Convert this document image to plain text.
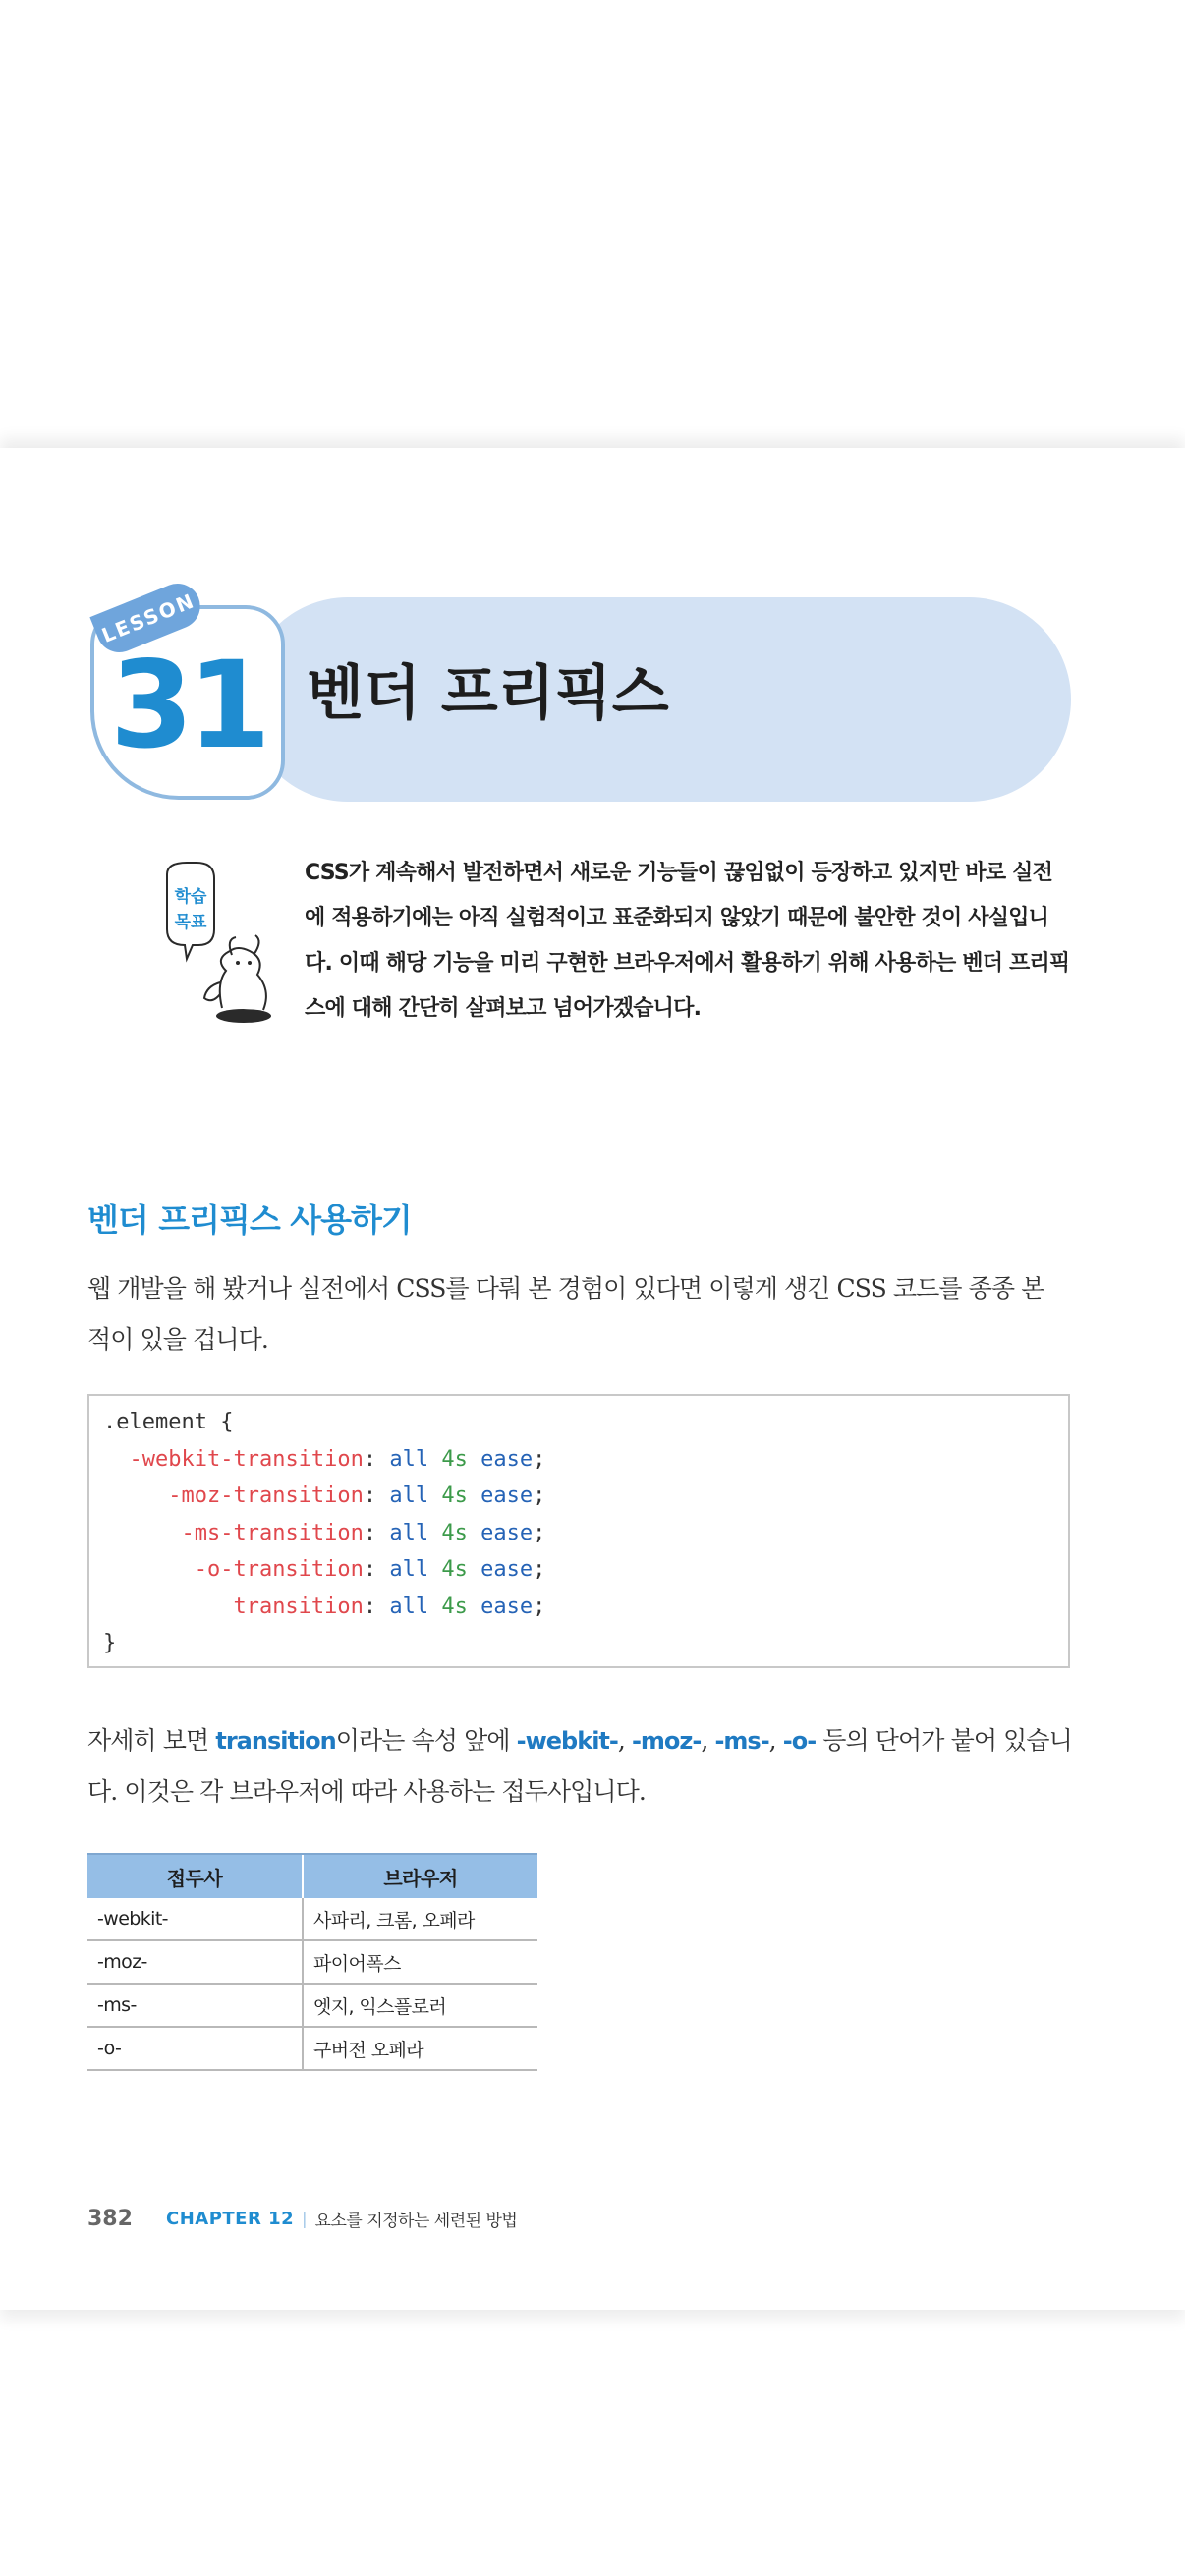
31
LESSON
벤더 프리픽스
학습
목표
CSS가 계속해서 발전하면서 새로운 기능들이 끊임없이 등장하고 있지만 바로 실전에 적용하기에는 아직 실험적이고 표준화되지 않았기 때문에 불안한 것이 사실입니다. 이때 해당 기능을 미리 구현한 브라우저에서 활용하기 위해 사용하는 벤더 프리픽스에 대해 간단히 살펴보고 넘어가겠습니다.
벤더 프리픽스 사용하기
웹 개발을 해 봤거나 실전에서 CSS를 다뤄 본 경험이 있다면 이렇게 생긴 CSS 코드를 종종 본 적이 있을 겁니다.
.element {
-webkit-transition: all 4s ease;
-moz-transition: all 4s ease;
-ms-transition: all 4s ease;
-o-transition: all 4s ease;
transition: all 4s ease;
}
자세히 보면 transition이라는 속성 앞에 -webkit-, -moz-, -ms-, -o- 등의 단어가 붙어 있습니다. 이것은 각 브라우저에 따라 사용하는 접두사입니다.
접두사	브라우저
-webkit-	사파리, 크롬, 오페라
-moz-	파이어폭스
-ms-	엣지, 익스플로러
-o-	구버전 오페라
382	CHAPTER 12 | 요소를 지정하는 세련된 방법
